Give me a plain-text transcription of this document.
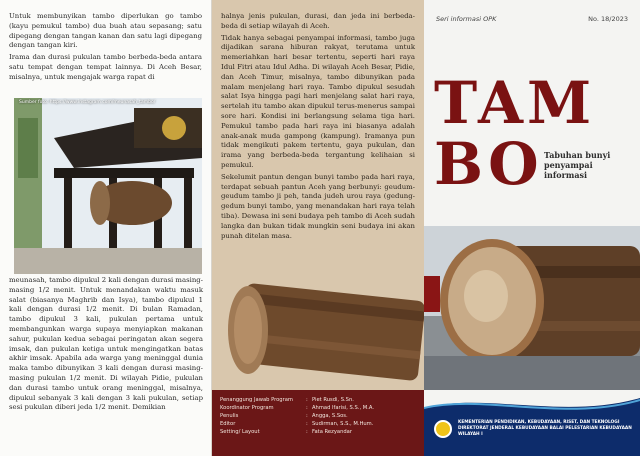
Untuk membunyikan tambo diperlukan go tambo (kayu pemukul tambo) dua buah atau sepasang; satu dipegang dengan tangan kanan dan satu lagi dipegang dengan tangan kiri.

Irama dan durasi pukulan tambo berbeda-beda antara satu tempat dengan tempat lainnya. Di Aceh Besar, misalnya, untuk mengajak warga rapat di

Sumber foto: https://www.instagram.com/meunasah_tambo/

meunasah, tambo dipukul 2 kali dengan durasi masing-masing 1/2 menit. Untuk menandakan waktu masuk salat (biasanya Maghrib dan Isya), tambo dipukul 1 kali dengan durasi 1/2 menit. Di bulan Ramadan, tambo dipukul 3 kali, pukulan pertama untuk membangunkan warga supaya menyiapkan makanan sahur, pukulan kedua sebagai peringatan akan segera imsak, dan pukulan ketiga untuk mengingatkan batas akhir imsak. Apabila ada warga yang meninggal dunia maka tambo dibunyikan 3 kali dengan durasi masing-masing pukulan 1/2 menit. Di wilayah Pidie, pukulan dan durasi tambo untuk orang meninggal, misalnya, dipukul sebanyak 3 kali dengan 3 kali pukulan, setiap sesi pukulan diberi jeda 1/2 menit. Demikian

halnya jenis pukulan, durasi, dan jeda ini berbeda-beda di setiap wilayah di Aceh.

Tidak hanya sebagai penyampai informasi, tambo juga dijadikan sarana hiburan rakyat, terutama untuk memeriahkan hari besar tertentu, seperti hari raya Idul Fitri atau Idul Adha. Di wilayah Aceh Besar, Pidie, dan Aceh Timur, misalnya, tambo dibunyikan pada malam menjelang hari raya. Tambo dipukul sesudah salat Isya hingga pagi hari menjelang salat hari raya, sertelah itu tambo akan dipukul terus-menerus sampai sore hari. Kondisi ini berlangsung selama tiga hari. Pemukul tambo pada hari raya ini biasanya adalah anak-anak muda gampong (kampung). Iramanya pun tidak mengikuti pakem tertentu, gaya pukulan, dan irama yang berbeda-beda tergantung kelihaian si pemukul.

Sekelumit pantun dengan bunyi tambo pada hari raya, terdapat sebuah pantun Aceh yang berbunyi: geudum-geudum tambo ji peh, tanda judeh urou raya (gedung-gedum bunyi tambo, yang menandakan hari raya telah tiba). Dewasa ini seni budaya peh tambo di Aceh sudah langka dan bukan tidak mungkin seni budaya ini akan punah ditelan masa.

Penanggung Jawab Program	: Piet Rusdi, S.Sn.
Koordinator Program	: Ahmad Ifarisi, S.S., M.A.
Penulis	: Angga, S.Sos.
Editor	: Sudirman, S.S., M.Hum.
Setting/ Layout	: Fata Rezyandar
Seri informasi OPK	No. 18/2023
TAM
BO Tabuhan bunyi
penyampai
informasi
KEMENTERIAN PENDIDIKAN, KEBUDAYAAN, RISET, DAN TEKNOLOGI DIREKTORAT JENDERAL KEBUDAYAAN BALAI PELESTARIAN KEBUDAYAAN WILAYAH I
